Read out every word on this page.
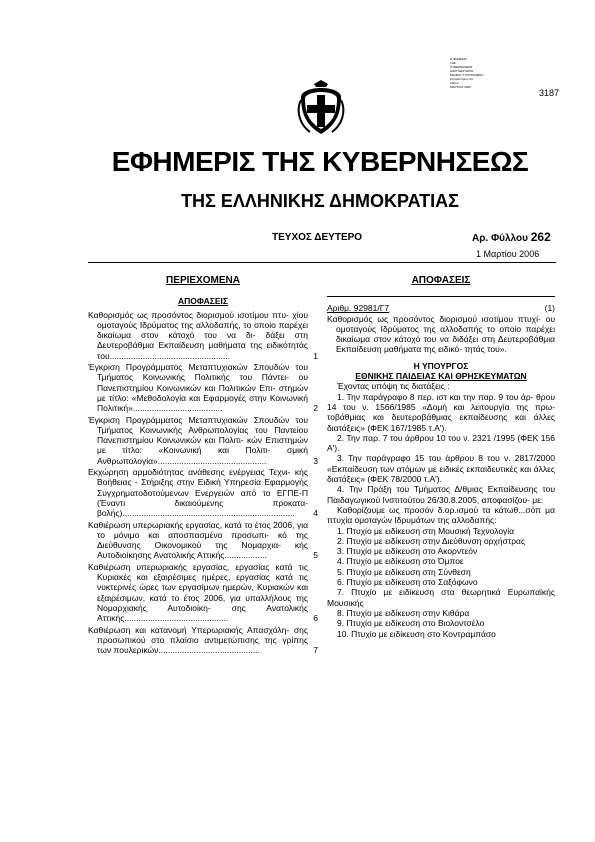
Ε ΦΗΜΕΡΙΣ
ΤΗΣ
ΚΥΒΕΡΝΗΣΕΩΣ
ΑΝΑΓΝΩΣΤΗΡΙΟ
ΕΘΝΙΚΟ ΤΥΠΟΓΡΑΦΕΙΟ
Καποδιστρίου 34
Αθήνα
ΜΑΡΤΙΟΣ 2006
3187
ΕΦΗΜΕΡΙΣ ΤΗΣ ΚΥΒΕΡΝΗΣΕΩΣ
ΤΗΣ ΕΛΛΗΝΙΚΗΣ ΔΗΜΟΚΡΑΤΙΑΣ
ΤΕΥΧΟΣ ΔΕΥΤΕΡΟ	Αρ. Φύλλου 262
1 Μαρτίου 2006
ΠΕΡΙΕΧΟΜΕΝΑ
ΑΠΟΦΑΣΕΙΣ
Καθορισμός ως προσόντος διορισμού ισοτίμου πτυ- χίου ομοταγούς Ιδρύματος της αλλοδαπής, το οποίο παρέχει δικαίωμα στον κάτοχό του να δι- δάξει στη Δευτεροβάθμια Εκπαίδευση μαθήματα της ειδικότητάς του...................................................	1
Έγκριση Προγράμματος Μεταπτυχιακών Σπουδών του Τμήματος Κοινωνικής Πολιτικής του Πάντει- ου Πανεπιστημίου Κοινωνικών και Πολιτικών Επι- στημών με τίτλο: «Μεθοδολογία και Εφαρμογές στην Κοινωνική Πολιτική»......................................	2
Έγκριση Προγράμματος Μεταπτυχιακών Σπουδών του Τμήματος Κοινωνικής Ανθρωπολογίας του Παντείου Πανεπιστημίου Κοινωνικών και Πολιτι- κών Επιστημών με τίτλο: «Κοινωνική και Πολιτι- σμική Ανθρωπολογία»..............................................	3
Εκχώρηση αρμοδιότητας ανάθεσης ενέργειας Τεχνι- κής Βοήθειας - Στήριξης στην Ειδική Υπηρεσία Εφαρμογής Συγχρηματοδοτούμενων Ενεργειών από το ΕΓΠΕ-Π (Έναντι δικαιούμενης προκατα- βολής).........................................................................	4
Καθιέρωση υπερωριακής εργασίας, κατά το έτος 2006, για το μόνιμο και αποσπασμένο προσωπι- κό της Διεύθυνσης Οικονομικού της Νομαρχια- κής Αυτοδιοίκησης Ανατολικής Αττικής..................	5
Καθιέρωση υπερωριακής εργασίας, εργασίας κατά τις Κυριακές και εξαιρέσιμες ημέρες, εργασίας κατά τις νυκτερινές ώρες των εργασίμων ημερών, Κυριακών και εξαιρέσιμων, κατά το έτος 2006, για υπαλλήλους της Νομαρχιακής Αυτοδιοίκη- σης Ανατολικής Αττικής............................................	6
Καθιέρωση και κατανομή Υπερωριακής Απασχόλη- σης προσωπικού στο πλαίσιο αντιμετώπισης της γρίπης των πουλερικών...........................................	7
ΑΠΟΦΑΣΕΙΣ
Αριθμ. 92981/Γ7	(1)
Καθορισμός ως προσόντος διορισμού ισοτίμου πτυχί- ου ομοταγούς Ιδρύματος της αλλοδαπής το οποίο παρέχει δικαίωμα στον κάτοχό του να διδάξει στη Δευτεροβάθμια Εκπαίδευση μαθήματα της ειδικό- τητάς του».
Η ΥΠΟΥΡΓΟΣ
ΕΘΝΙΚΗΣ ΠΑΙΔΕΙΑΣ ΚΑΙ ΘΡΗΣΚΕΥΜΑΤΩΝ
Έχοντας υπόψη τις διατάξεις :
1. Την παράγραφο 8 περ. ιστ και την παρ. 9 του άρ- θρου 14 του ν. 1566/1985 «Δομή και λειτουργία της πρω- τοβάθμιας και δευτεροβάθμιας εκπαίδευσης και άλλες διατάξεις» (ΦΕΚ 167/1985 τ.Α').
2. Την παρ. 7 του άρθρου 10 του ν. 2321 /1995 (ΦΕΚ 156 Α').
3. Την παράγραφο 15 του άρθρου 8 του ν. 2817/2000 «Εκπαίδευση των ατόμων με ειδικές εκπαιδευτικές και άλλες διατάξεις» (ΦΕΚ 78/2000 τ.Α').
4. Την Πράξη του Τμήματος Δ/θμιας Εκπαίδευσης του Παιδαγωγικού Ινστιτούτου 26/30.8.2005, αποφασίζου- με:
Καθορίζουμε ως προσόν δ.ορ.ισμού τα κάτωθ...σόπ μα πτυχία ομοταγών Ιδρυμάτων της αλλοδαπής:
1. Πτυχίο με ειδίκευση στη Μουσική Τεχνολογία
2. Πτυχίο με ειδίκευση στην Διεύθυνση ορχήστρας
3. Πτυχίο με ειδίκευση στο Ακορντεόν
4. Πτυχίο με ειδίκευση στο Όμποε
5. Πτυχίο με ειδίκευση στη Σύνθεση
6. Πτυχίο με ειδίκευση στο Σαξόφωνο
7. Πτυχίο με ειδίκευση στα θεωρητικά Ευρωπαϊκής Μουσικής
8. Πτυχίο με ειδίκευση στην Κιθάρα
9. Πτυχίο με ειδίκευση στο Βιολοντσέλο
10. Πτυχίο με ειδίκευση στο Κοντραμπάσο
